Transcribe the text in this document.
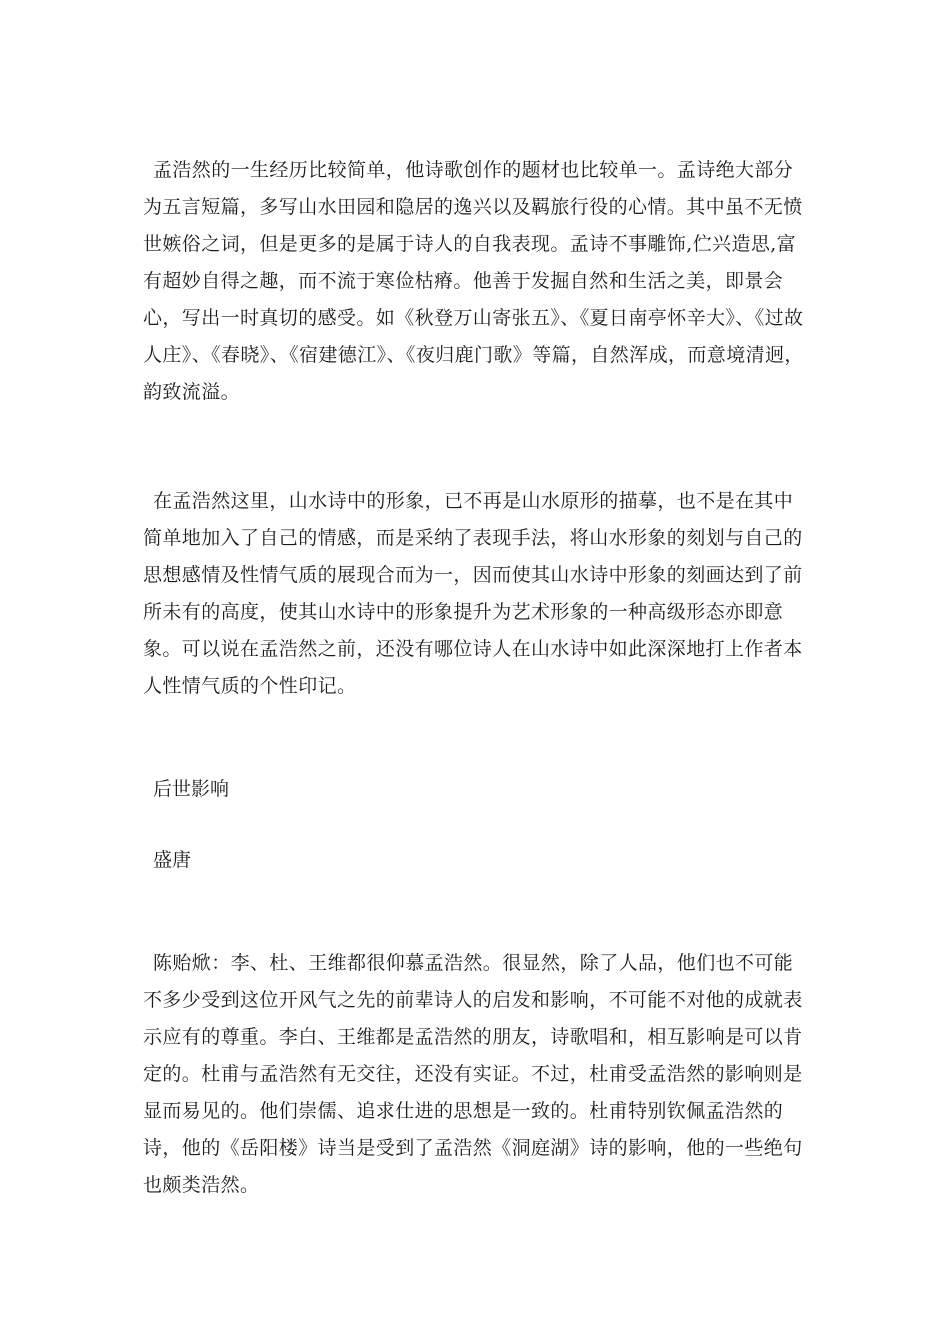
孟浩然的一生经历比较简单，他诗歌创作的题材也比较单一。孟诗绝大部分为五言短篇，多写山水田园和隐居的逸兴以及羁旅行役的心情。其中虽不无愤世嫉俗之词，但是更多的是属于诗人的自我表现。孟诗不事雕饰,伫兴造思,富有超妙自得之趣，而不流于寒俭枯瘠。他善于发掘自然和生活之美，即景会心，写出一时真切的感受。如《秋登万山寄张五》、《夏日南亭怀辛大》、《过故人庄》、《春晓》、《宿建德江》、《夜归鹿门歌》等篇，自然浑成，而意境清迥，韵致流溢。

在孟浩然这里，山水诗中的形象，已不再是山水原形的描摹，也不是在其中简单地加入了自己的情感，而是采纳了表现手法，将山水形象的刻划与自己的思想感情及性情气质的展现合而为一，因而使其山水诗中形象的刻画达到了前所未有的高度，使其山水诗中的形象提升为艺术形象的一种高级形态亦即意象。可以说在孟浩然之前，还没有哪位诗人在山水诗中如此深深地打上作者本人性情气质的个性印记。

后世影响
盛唐

陈贻焮：李、杜、王维都很仰慕孟浩然。很显然，除了人品，他们也不可能不多少受到这位开风气之先的前辈诗人的启发和影响，不可能不对他的成就表示应有的尊重。李白、王维都是孟浩然的朋友，诗歌唱和，相互影响是可以肯定的。杜甫与孟浩然有无交往，还没有实证。不过，杜甫受孟浩然的影响则是显而易见的。他们崇儒、追求仕进的思想是一致的。杜甫特别钦佩孟浩然的诗，他的《岳阳楼》诗当是受到了孟浩然《洞庭湖》诗的影响，他的一些绝句也颇类浩然。
